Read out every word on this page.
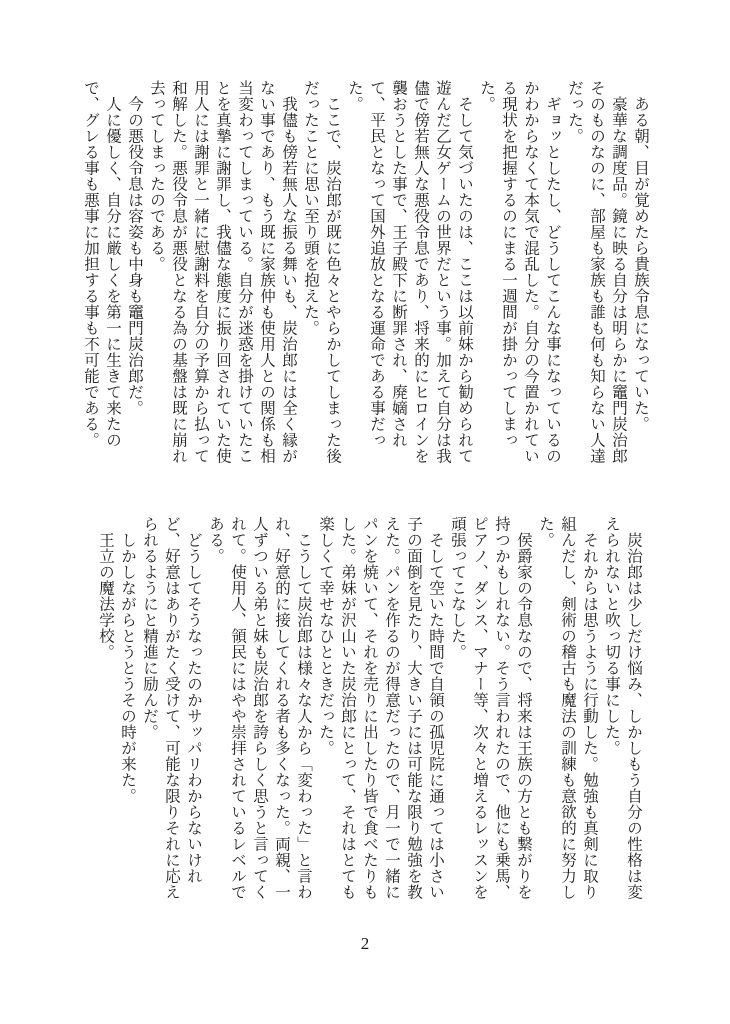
ある朝、目が覚めたら貴族令息になっていた。

豪華な調度品。鏡に映る自分は明らかに竈門炭治郎そのものなのに、部屋も家族も誰も何も知らない人達だった。

ギョッとしたし、どうしてこんな事になっているのかわからなくて本気で混乱した。自分の今置かれている現状を把握するのにまる一週間が掛かってしまった。

そして気づいたのは、ここは以前妹から勧められて遊んだ乙女ゲームの世界だという事。加えて自分は我儘で傍若無人な悪役令息であり、将来的にヒロインを襲おうとした事で、王子殿下に断罪され、廃嫡されて、平民となって国外追放となる運命である事だった。

ここで、炭治郎が既に色々とやらかしてしまった後だったことに思い至り頭を抱えた。

我儘も傍若無人な振る舞いも、炭治郎には全く縁がない事であり、もう既に家族仲も使用人との関係も相当変わってしまっている。自分が迷惑を掛けていたことを真摯に謝罪し、我儘な態度に振り回されていた使用人には謝罪と一緒に慰謝料を自分の予算から払って和解した。悪役令息が悪役となる為の基盤は既に崩れ去ってしまったのである。

今の悪役令息は容姿も中身も竈門炭治郎だ。

人に優しく、自分に厳しくを第一に生きて来たので、グレる事も悪事に加担する事も不可能である。

炭治郎は少しだけ悩み、しかしもう自分の性格は変えられないと吹っ切る事にした。

それからは思うように行動した。勉強も真剣に取り組んだし、剣術の稽古も魔法の訓練も意欲的に努力した。

侯爵家の令息なので、将来は王族の方とも繋がりを持つかもしれない。そう言われたので、他にも乗馬、ピアノ、ダンス、マナー等、次々と増えるレッスンを頑張ってこなした。

そして空いた時間で自領の孤児院に通っては小さい子の面倒を見たり、大きい子には可能な限り勉強を教えた。パンを作るのが得意だったので、月一で一緒にパンを焼いて、それを売りに出したり皆で食べたりもした。弟妹が沢山いた炭治郎にとって、それはとても楽しくて幸せなひとときだった。

こうして炭治郎は様々な人から「変わった」と言われ、好意的に接してくれる者も多くなった。両親、一人ずついる弟と妹も炭治郎を誇らしく思うと言ってくれて。使用人、領民にはやや崇拝されているレベルである。

どうしてそうなったのかサッパリわからないけれど、好意はありがたく受けて、可能な限りそれに応えられるようにと精進に励んだ。

しかしながらとうとうその時が来た。

王立の魔法学校。

2
